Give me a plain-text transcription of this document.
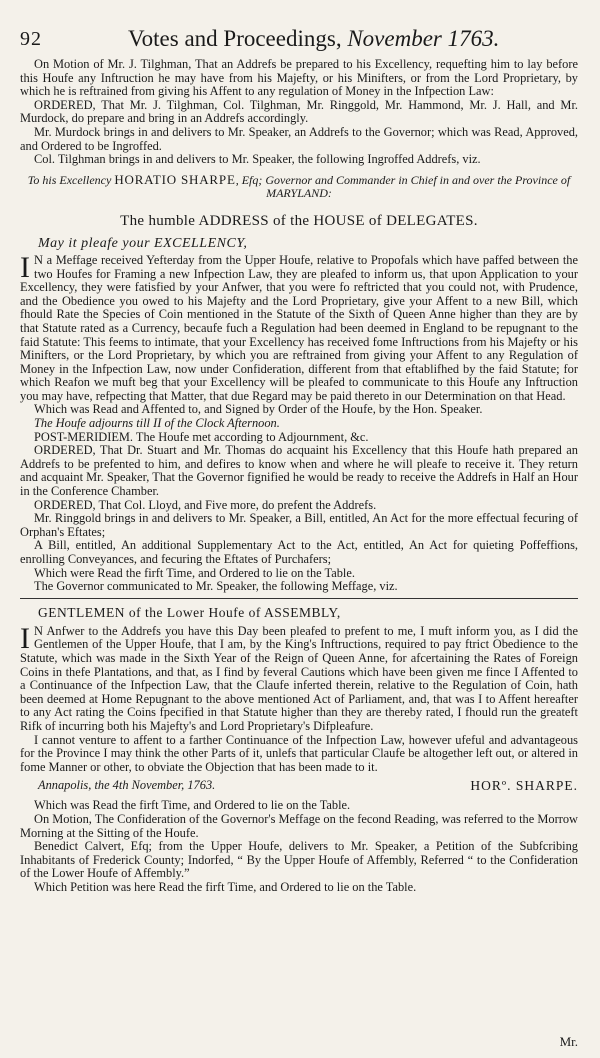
92	Votes and Proceedings, November 1763.

On Motion of Mr. J. Tilghman, That an Addrefs be prepared to his Excellency, requefting him to lay before this Houfe any Inftruction he may have from his Majefty, or his Minifters, or from the Lord Proprietary, by which he is reftrained from giving his Affent to any regulation of Money in the Infpection Law:

ORDERED, That Mr. J. Tilghman, Col. Tilghman, Mr. Ringgold, Mr. Hammond, Mr. J. Hall, and Mr. Murdock, do prepare and bring in an Addrefs accordingly.

Mr. Murdock brings in and delivers to Mr. Speaker, an Addrefs to the Governor; which was Read, Approved, and Ordered to be Ingroffed.

Col. Tilghman brings in and delivers to Mr. Speaker, the following Ingroffed Addrefs, viz.

To his Excellency HORATIO SHARPE, Efq; Governor and Commander in Chief in and over the Province of MARYLAND:

The humble ADDRESS of the HOUSE of DELEGATES.

May it pleafe your EXCELLENCY,

I N a Meffage received Yefterday from the Upper Houfe, relative to Propofals which have paffed between the two Houfes for Framing a new Infpection Law, they are pleafed to inform us, that upon Application to your Excellency, they were fatisfied by your Anfwer, that you were fo reftricted that you could not, with Prudence, and the Obedience you owed to his Majefty and the Lord Proprietary, give your Affent to a new Bill, which fhould Rate the Species of Coin mentioned in the Statute of the Sixth of Queen Anne higher than they are by that Statute rated as a Currency, becaufe fuch a Regulation had been deemed in England to be repugnant to the faid Statute: This feems to intimate, that your Excellency has received fome Inftructions from his Majefty or his Minifters, or the Lord Proprietary, by which you are reftrained from giving your Affent to any Regulation of Money in the Infpection Law, now under Confideration, different from that eftablifhed by the faid Statute; for which Reafon we muft beg that your Excellency will be pleafed to communicate to this Houfe any Inftruction you may have, refpecting that Matter, that due Regard may be paid thereto in our Determination on that Head.

Which was Read and Affented to, and Signed by Order of the Houfe, by the Hon. Speaker.

The Houfe adjourns till II of the Clock Afternoon.

POST-MERIDIEM. The Houfe met according to Adjournment, &c.

ORDERED, That Dr. Stuart and Mr. Thomas do acquaint his Excellency that this Houfe hath prepared an Addrefs to be prefented to him, and defires to know when and where he will pleafe to receive it. They return and acquaint Mr. Speaker, That the Governor fignified he would be ready to receive the Addrefs in Half an Hour in the Conference Chamber.

ORDERED, That Col. Lloyd, and Five more, do prefent the Addrefs.

Mr. Ringgold brings in and delivers to Mr. Speaker, a Bill, entitled, An Act for the more effectual fecuring of Orphan's Eftates;

A Bill, entitled, An additional Supplementary Act to the Act, entitled, An Act for quieting Poffeffions, enrolling Conveyances, and fecuring the Eftates of Purchafers;

Which were Read the firft Time, and Ordered to lie on the Table.

The Governor communicated to Mr. Speaker, the following Meffage, viz.

GENTLEMEN of the Lower Houfe of ASSEMBLY,

I N Anfwer to the Addrefs you have this Day been pleafed to prefent to me, I muft inform you, as I did the Gentlemen of the Upper Houfe, that I am, by the King's Inftructions, required to pay ftrict Obedience to the Statute, which was made in the Sixth Year of the Reign of Queen Anne, for afcertaining the Rates of Foreign Coins in thefe Plantations, and that, as I find by feveral Cautions which have been given me fince I Affented to a Continuance of the Infpection Law, that the Claufe inferted therein, relative to the Regulation of Coin, hath been deemed at Home Repugnant to the above mentioned Act of Parliament, and, that was I to Affent hereafter to any Act rating the Coins fpecified in that Statute higher than they are thereby rated, I fhould run the greateft Rifk of incurring both his Majefty's and Lord Proprietary's Difpleafure.

I cannot venture to affent to a farther Continuance of the Infpection Law, however ufeful and advantageous for the Province I may think the other Parts of it, unlefs that particular Claufe be altogether left out, or altered in fome Manner or other, to obviate the Objection that has been made to it.

Annapolis, the 4th November, 1763.	HORº. SHARPE.

Which was Read the firft Time, and Ordered to lie on the Table.

On Motion, The Confideration of the Governor's Meffage on the fecond Reading, was referred to the Morrow Morning at the Sitting of the Houfe.

Benedict Calvert, Efq; from the Upper Houfe, delivers to Mr. Speaker, a Petition of the Subfcribing Inhabitants of Frederick County; Indorfed, “ By the Upper Houfe of Affembly, Referred “ to the Confideration of the Lower Houfe of Affembly.”

Which Petition was here Read the firft Time, and Ordered to lie on the Table.

Mr.
